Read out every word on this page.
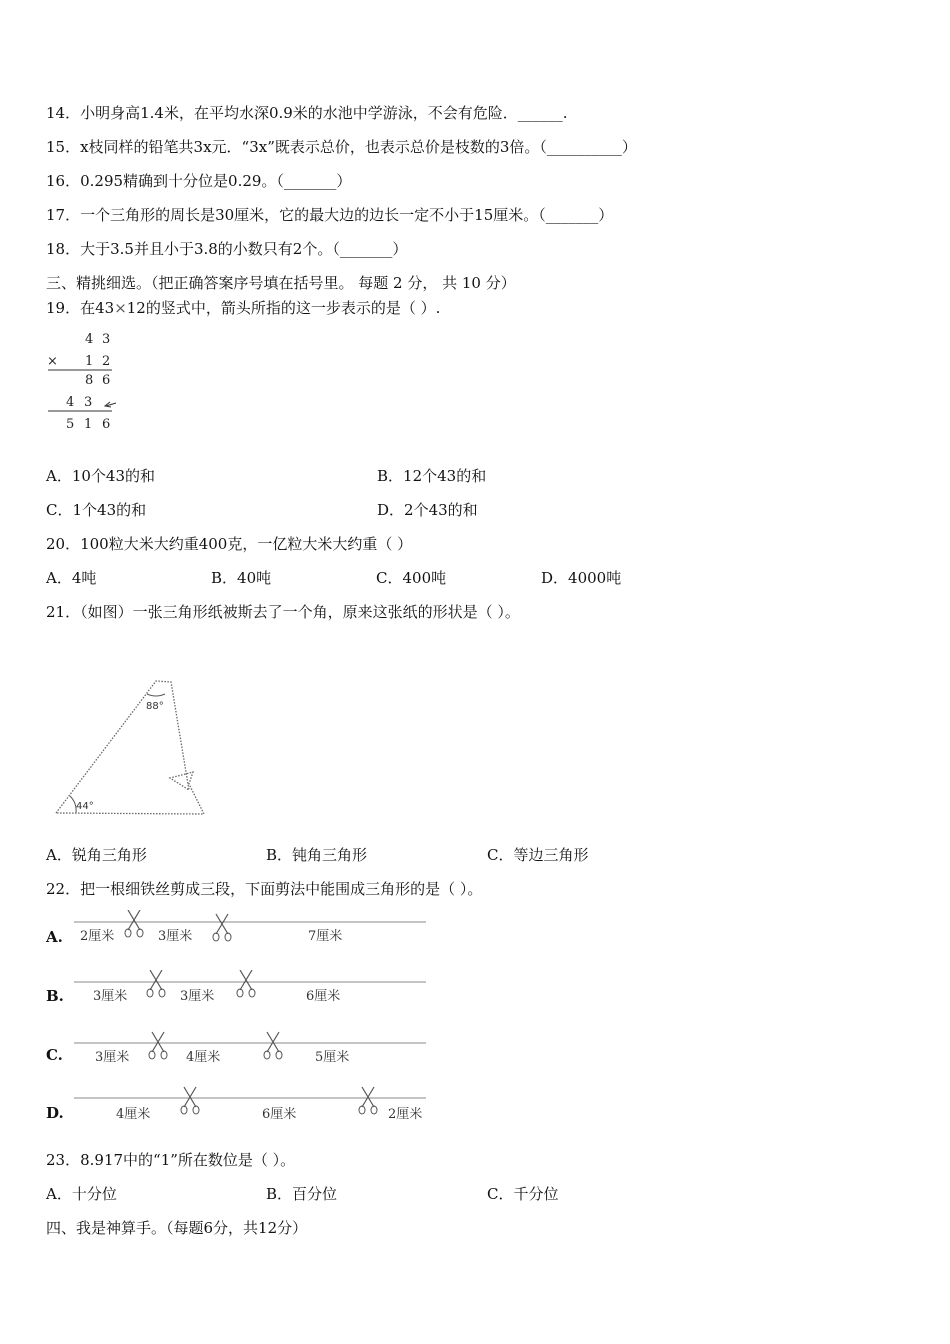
14．小明身高1.4米，在平均水深0.9米的水池中学游泳，不会有危险．______.
15．x枝同样的铅笔共3x元．“3x”既表示总价，也表示总价是枝数的3倍。（__________）
16．0.295精确到十分位是0.29。（_______）
17．一个三角形的周长是30厘米，它的最大边的边长一定不小于15厘米。（_______）
18．大于3.5并且小于3.8的小数只有2个。（_______）
三、精挑细选。（把正确答案序号填在括号里。 每题 2 分， 共 10 分）
19．在43×12的竖式中，箭头所指的这一步表示的是（ ）.
4 3
× 1 2
8 6
4 3
5 1 6
A．10个43的和	B．12个43的和
C．1个43的和	D．2个43的和
20．100粒大米大约重400克，一亿粒大米大约重（ ）
A．4吨	B．40吨	C．400吨	D．4000吨
21．（如图）一张三角形纸被斯去了一个角，原来这张纸的形状是（ ）。
88°
44°
A．锐角三角形	B．钝角三角形	C．等边三角形
22．把一根细铁丝剪成三段，下面剪法中能围成三角形的是（ ）。
A. 2厘米	3厘米	7厘米
B. 3厘米	3厘米	6厘米
C. 3厘米	4厘米	5厘米
D.	4厘米	6厘米	2厘米
23．8.917中的“1”所在数位是（ ）。
A．十分位	B．百分位	C．千分位
四、我是神算手。（每题6分，共12分）
